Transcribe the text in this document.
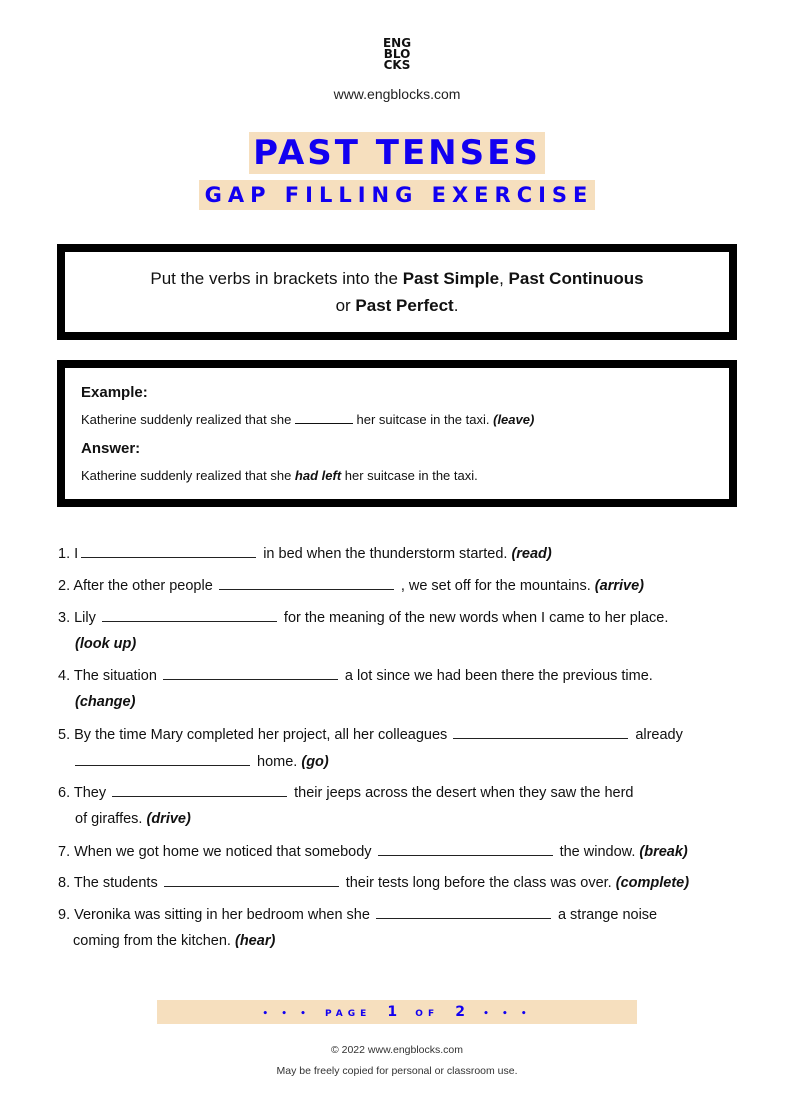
ENG
BLO
CKS
www.engblocks.com
PAST TENSES
GAP FILLING EXERCISE
Put the verbs in brackets into the Past Simple, Past Continuous
or Past Perfect.
Example:
Katherine suddenly realized that she	her suitcase in the taxi. (leave)
Answer:
Katherine suddenly realized that she had left her suitcase in the taxi.
1. I	in bed when the thunderstorm started. (read)
2. After the other people	, we set off for the mountains. (arrive)
3. Lily	for the meaning of the new words when I came to her place.
(look up)
4. The situation	a lot since we had been there the previous time.
(change)
5. By the time Mary completed her project, all her colleagues	already
home. (go)
6. They	their jeeps across the desert when they saw the herd
of giraffes. (drive)
7. When we got home we noticed that somebody	the window. (break)
8. The students	their tests long before the class was over. (complete)
9. Veronika was sitting in her bedroom when she	a strange noise
coming from the kitchen. (hear)
• • • PAGE 1 OF 2 • • •
© 2022 www.engblocks.com
May be freely copied for personal or classroom use.
